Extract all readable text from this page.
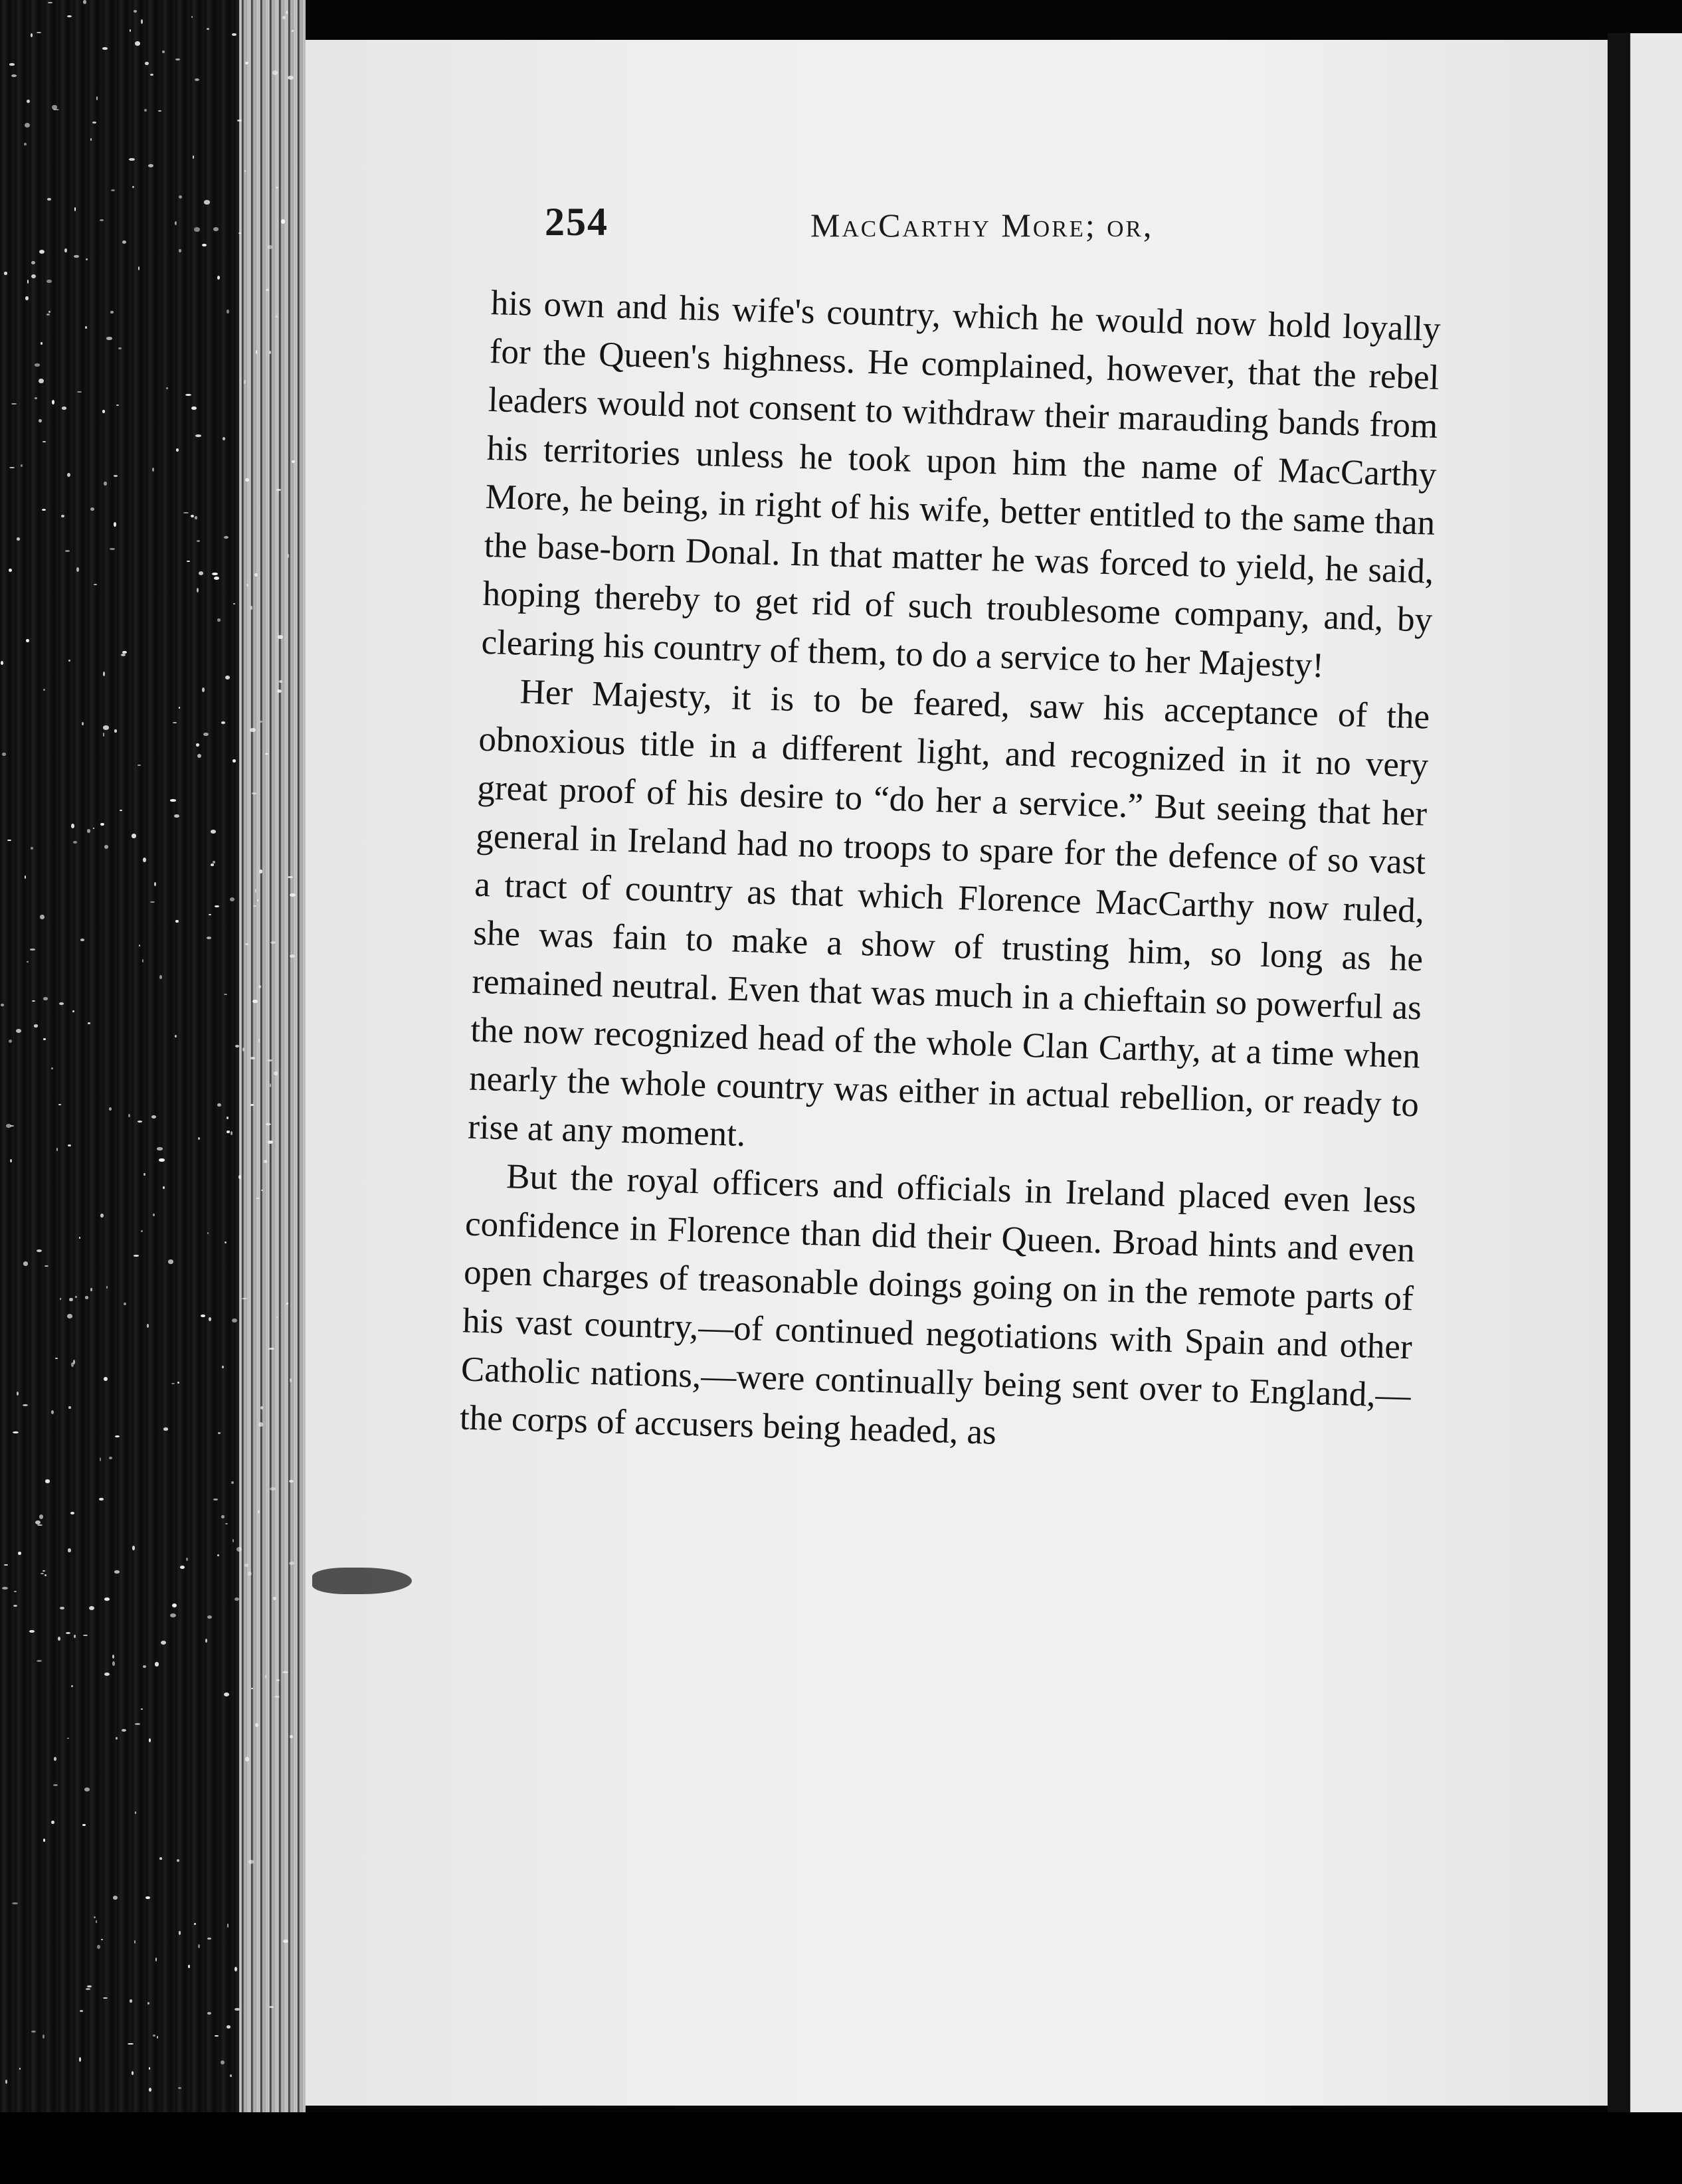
254	MacCarthy More; or,

his own and his wife's country, which he would now hold loyally for the Queen's highness. He complained, however, that the rebel leaders would not consent to withdraw their marauding bands from his territories unless he took upon him the name of MacCarthy More, he being, in right of his wife, better entitled to the same than the base-born Donal. In that matter he was forced to yield, he said, hoping thereby to get rid of such troublesome company, and, by clearing his country of them, to do a service to her Majesty!

Her Majesty, it is to be feared, saw his acceptance of the obnoxious title in a different light, and recognized in it no very great proof of his desire to “do her a service.” But seeing that her general in Ireland had no troops to spare for the defence of so vast a tract of country as that which Florence MacCarthy now ruled, she was fain to make a show of trusting him, so long as he remained neutral. Even that was much in a chieftain so powerful as the now recognized head of the whole Clan Carthy, at a time when nearly the whole country was either in actual rebellion, or ready to rise at any moment.

But the royal officers and officials in Ireland placed even less confidence in Florence than did their Queen. Broad hints and even open charges of treasonable doings going on in the remote parts of his vast country,—of continued negotiations with Spain and other Catholic nations,—were continually being sent over to England,—the corps of accusers being headed, as
